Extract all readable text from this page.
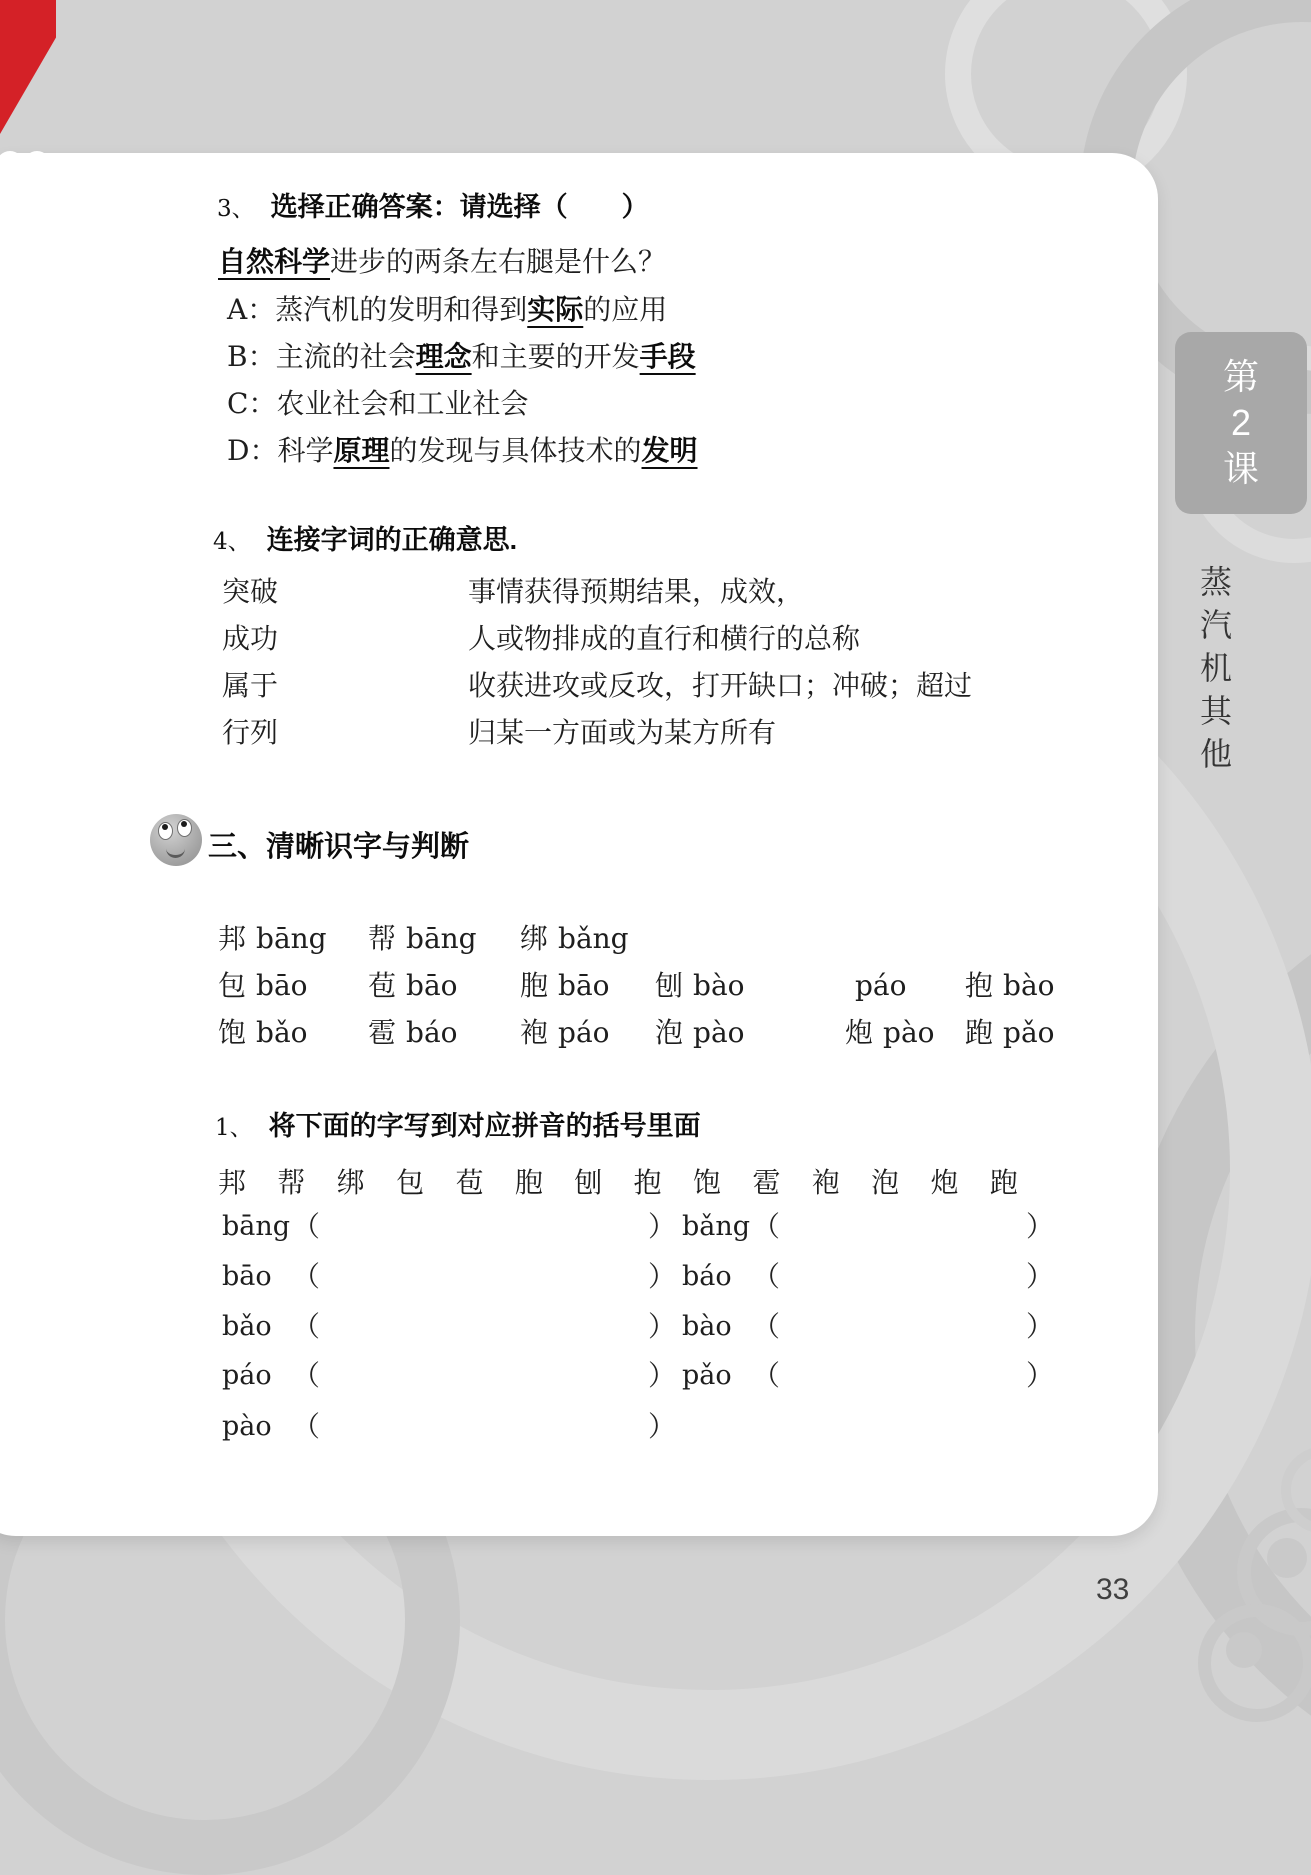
3、 选择正确答案：请选择（　　）
自然科学进步的两条左右腿是什么？
A：蒸汽机的发明和得到实际的应用
B：主流的社会理念和主要的开发手段
C：农业社会和工业社会
D：科学原理的发现与具体技术的发明
4、 连接字词的正确意思.
突破	事情获得预期结果，成效，
成功	人或物排成的直行和横行的总称
属于	收获进攻或反攻，打开缺口；冲破；超过
行列	归某一方面或为某方所有
三、清晰识字与判断
邦 bāng 帮 bāng 绑 bǎng
包 bāo 苞 bāo 胞 bāo 刨 bào	páo 抱 bào
饱 bǎo 雹 báo 袍 páo 泡 pào	炮 pào 跑 pǎo
1、 将下面的字写到对应拼音的括号里面
邦 帮 绑 包 苞 胞 刨 抱 饱 雹 袍 泡 炮 跑
bāng （	） bǎng （	）
bāo （	） báo （	）
bǎo （	） bào （	）
páo （	） pǎo （	）
pào （	）
第
2
课
蒸
汽
机
其
他
33
